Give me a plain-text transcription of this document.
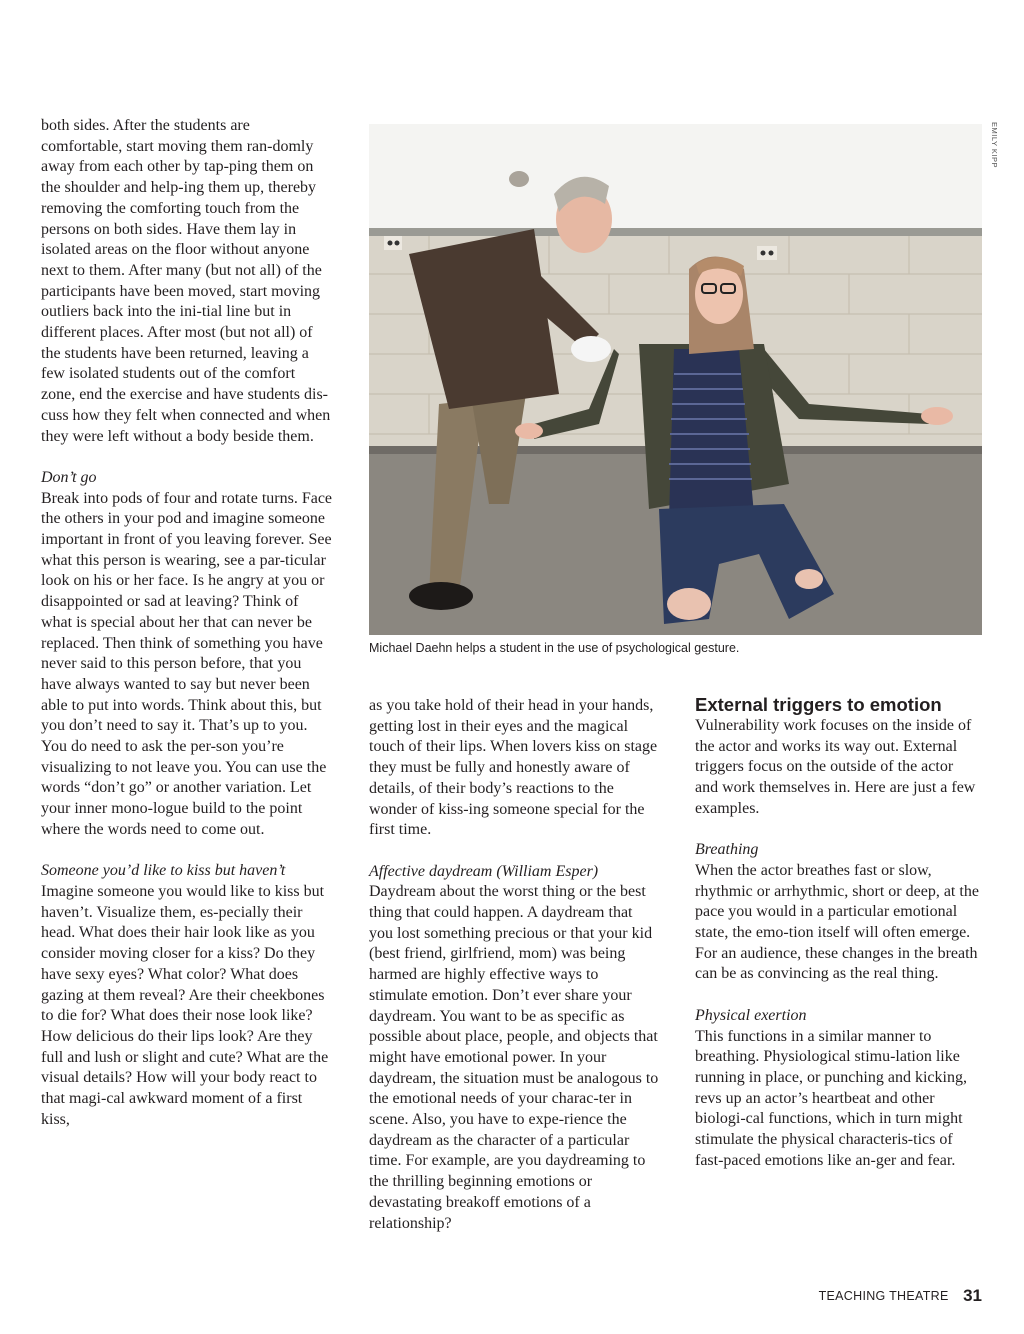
both sides. After the students are comfortable, start moving them ran-domly away from each other by tap-ping them on the shoulder and help-ing them up, thereby removing the comforting touch from the persons on both sides. Have them lay in isolated areas on the floor without anyone next to them. After many (but not all) of the participants have been moved, start moving outliers back into the ini-tial line but in different places. After most (but not all) of the students have been returned, leaving a few isolated students out of the comfort zone, end the exercise and have students dis-cuss how they felt when connected and when they were left without a body beside them.

Don’t go

Break into pods of four and rotate turns. Face the others in your pod and imagine someone important in front of you leaving forever. See what this person is wearing, see a par-ticular look on his or her face. Is he angry at you or disappointed or sad at leaving? Think of what is special about her that can never be replaced. Then think of something you have never said to this person before, that you have always wanted to say but never been able to put into words. Think about this, but you don’t need to say it. That’s up to you. You do need to ask the per-son you’re visualizing to not leave you. You can use the words “don’t go” or another variation. Let your inner mono-logue build to the point where the words need to come out.

Someone you’d like to kiss but haven’t

Imagine someone you would like to kiss but haven’t. Visualize them, es-pecially their head. What does their hair look like as you consider moving closer for a kiss? Do they have sexy eyes? What color? What does gazing at them reveal? Are their cheekbones to die for? What does their nose look like? How delicious do their lips look? Are they full and lush or slight and cute? What are the visual details? How will your body react to that magi-cal awkward moment of a first kiss,

EMILY KIPP
Michael Daehn helps a student in the use of psychological gesture.

as you take hold of their head in your hands, getting lost in their eyes and the magical touch of their lips. When lovers kiss on stage they must be fully and honestly aware of details, of their body’s reactions to the wonder of kiss-ing someone special for the first time.

Affective daydream (William Esper)

Daydream about the worst thing or the best thing that could happen. A daydream that you lost something precious or that your kid (best friend, girlfriend, mom) was being harmed are highly effective ways to stimulate emotion. Don’t ever share your daydream. You want to be as specific as possible about place, people, and objects that might have emotional power. In your daydream, the situation must be analogous to the emotional needs of your charac-ter in scene. Also, you have to expe-rience the daydream as the character of a particular time. For example, are you daydreaming to the thrilling beginning emotions or devastating breakoff emotions of a relationship?

External triggers to emotion

Vulnerability work focuses on the inside of the actor and works its way out. External triggers focus on the outside of the actor and work themselves in. Here are just a few examples.

Breathing

When the actor breathes fast or slow, rhythmic or arrhythmic, short or deep, at the pace you would in a particular emotional state, the emo-tion itself will often emerge. For an audience, these changes in the breath can be as convincing as the real thing.

Physical exertion

This functions in a similar manner to breathing. Physiological stimu-lation like running in place, or punching and kicking, revs up an actor’s heartbeat and other biologi-cal functions, which in turn might stimulate the physical characteris-tics of fast-paced emotions like an-ger and fear.

TEACHING THEATRE 31
